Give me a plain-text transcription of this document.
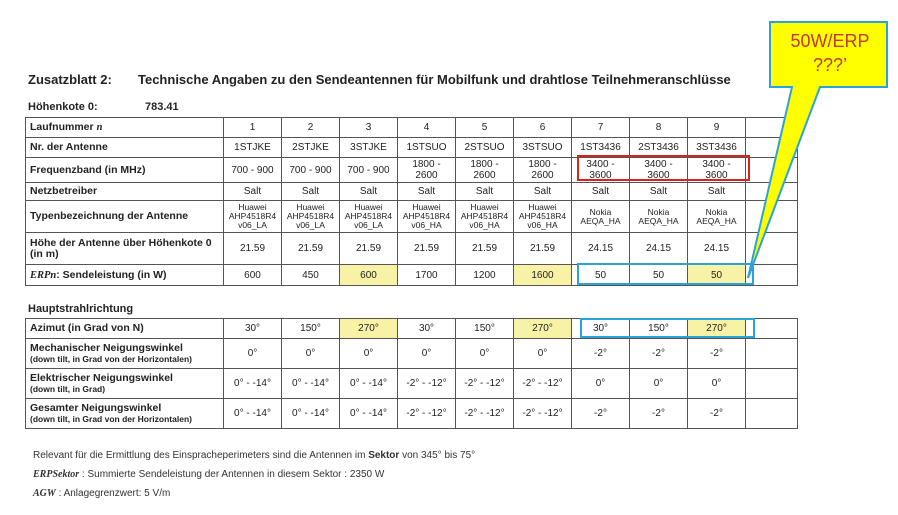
Zusatzblatt 2: Technische Angaben zu den Sendeantennen für Mobilfunk und drahtlose Teilnehmeranschlüsse
Höhenkote 0:	783.41
Laufnummer n	1	2	3	4	5	6	7	8	9	
Nr. der Antenne	1STJKE	2STJKE	3STJKE	1STSUO	2STSUO	3STSUO	1ST3436	2ST3436	3ST3436	
Frequenzband (in MHz)	700 - 900	700 - 900	700 - 900	1800 - 2600	1800 - 2600	1800 - 2600	3400 - 3600	3400 - 3600	3400 - 3600	
Netzbetreiber	Salt	Salt	Salt	Salt	Salt	Salt	Salt	Salt	Salt	
Typenbezeichnung der Antenne	Huawei AHP4518R4 v06_LA	Huawei AHP4518R4 v06_LA	Huawei AHP4518R4 v06_LA	Huawei AHP4518R4 v06_HA	Huawei AHP4518R4 v06_HA	Huawei AHP4518R4 v06_HA	Nokia AEQA_HA	Nokia AEQA_HA	Nokia AEQA_HA	
Höhe der Antenne über Höhenkote 0 (in m)	21.59	21.59	21.59	21.59	21.59	21.59	24.15	24.15	24.15	
ERPn: Sendeleistung (in W)	600	450	600	1700	1200	1600	50	50	50	
Azimut (in Grad von N)	30°	150°	270°	30°	150°	270°	30°	150°	270°	
Mechanischer Neigungswinkel
(down tilt, in Grad von der Horizontalen)	0°	0°	0°	0°	0°	0°	-2°	-2°	-2°	
Elektrischer Neigungswinkel
(down tilt, in Grad)	0° - -14°	0° - -14°	0° - -14°	-2° - -12°	-2° - -12°	-2° - -12°	0°	0°	0°	
Gesamter Neigungswinkel
(down tilt, in Grad von der Horizontalen)	0° - -14°	0° - -14°	0° - -14°	-2° - -12°	-2° - -12°	-2° - -12°	-2°	-2°	-2°	
Relevant für die Ermittlung des Einspracheperimeters sind die Antennen im Sektor von 345° bis 75°
ERPSektor : Summierte Sendeleistung der Antennen in diesem Sektor : 2350 W
AGW : Anlagegrenzwert: 5 V/m
50W/ERP
???’
Hauptstrahlrichtung
